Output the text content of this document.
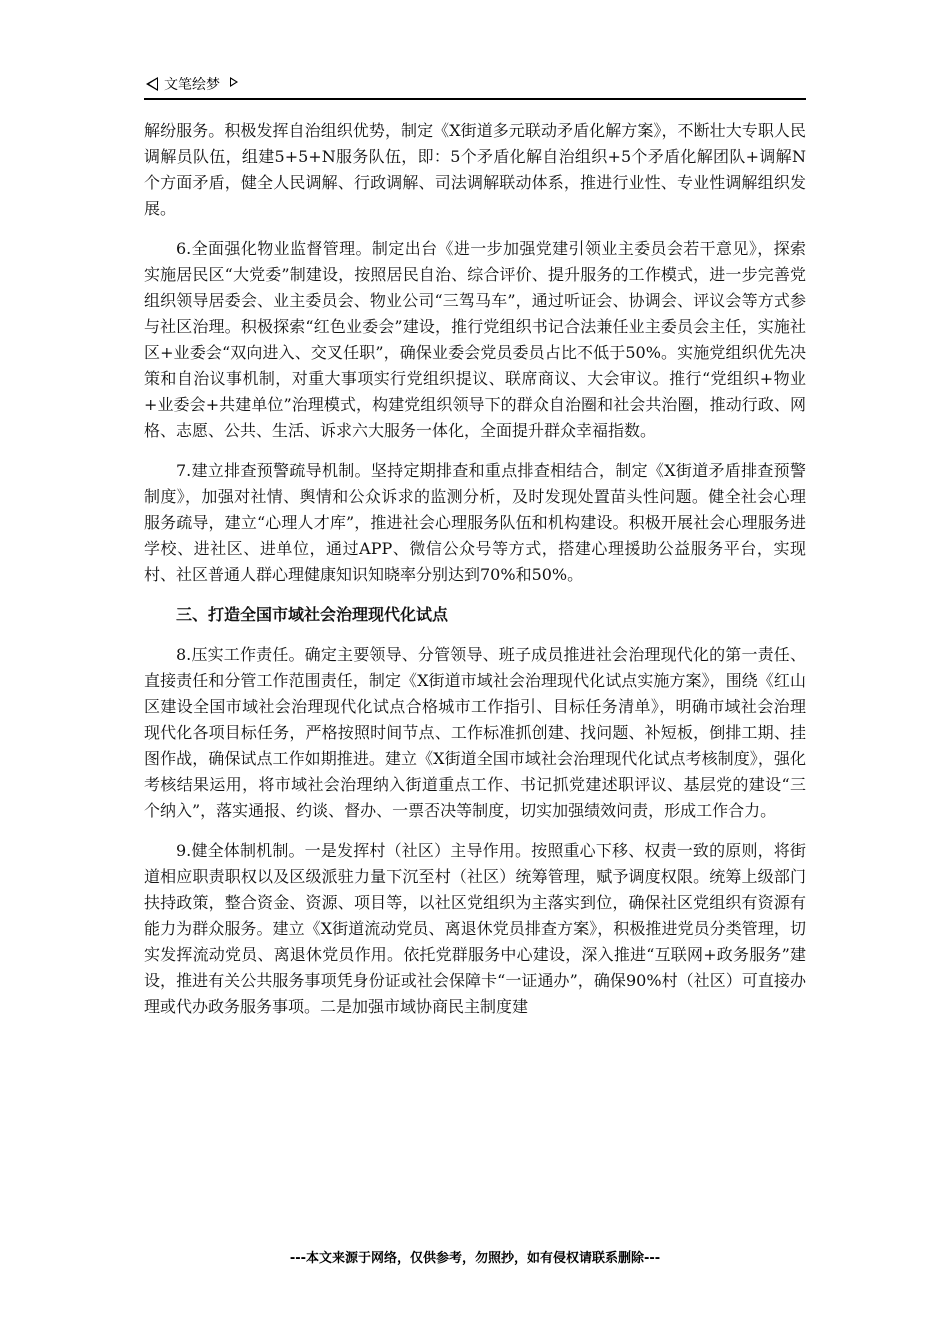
文笔绘梦

解纷服务。积极发挥自治组织优势，制定《X街道多元联动矛盾化解方案》，不断壮大专职人民调解员队伍，组建5+5+N服务队伍，即：5个矛盾化解自治组织+5个矛盾化解团队+调解N个方面矛盾，健全人民调解、行政调解、司法调解联动体系，推进行业性、专业性调解组织发展。

6.全面强化物业监督管理。制定出台《进一步加强党建引领业主委员会若干意见》，探索实施居民区“大党委”制建设，按照居民自治、综合评价、提升服务的工作模式，进一步完善党组织领导居委会、业主委员会、物业公司“三驾马车”，通过听证会、协调会、评议会等方式参与社区治理。积极探索“红色业委会”建设，推行党组织书记合法兼任业主委员会主任，实施社区+业委会“双向进入、交叉任职”，确保业委会党员委员占比不低于50%。实施党组织优先决策和自治议事机制，对重大事项实行党组织提议、联席商议、大会审议。推行“党组织+物业+业委会+共建单位”治理模式，构建党组织领导下的群众自治圈和社会共治圈，推动行政、网格、志愿、公共、生活、诉求六大服务一体化，全面提升群众幸福指数。

7.建立排查预警疏导机制。坚持定期排查和重点排查相结合，制定《X街道矛盾排查预警制度》，加强对社情、舆情和公众诉求的监测分析，及时发现处置苗头性问题。健全社会心理服务疏导，建立“心理人才库”，推进社会心理服务队伍和机构建设。积极开展社会心理服务进学校、进社区、进单位，通过APP、微信公众号等方式，搭建心理援助公益服务平台，实现村、社区普通人群心理健康知识知晓率分别达到70%和50%。

三、打造全国市域社会治理现代化试点

8.压实工作责任。确定主要领导、分管领导、班子成员推进社会治理现代化的第一责任、直接责任和分管工作范围责任，制定《X街道市域社会治理现代化试点实施方案》，围绕《红山区建设全国市域社会治理现代化试点合格城市工作指引、目标任务清单》，明确市域社会治理现代化各项目标任务，严格按照时间节点、工作标准抓创建、找问题、补短板，倒排工期、挂图作战，确保试点工作如期推进。建立《X街道全国市域社会治理现代化试点考核制度》，强化考核结果运用，将市域社会治理纳入街道重点工作、书记抓党建述职评议、基层党的建设“三个纳入”，落实通报、约谈、督办、一票否决等制度，切实加强绩效问责，形成工作合力。

9.健全体制机制。一是发挥村（社区）主导作用。按照重心下移、权责一致的原则，将街道相应职责职权以及区级派驻力量下沉至村（社区）统筹管理，赋予调度权限。统筹上级部门扶持政策，整合资金、资源、项目等，以社区党组织为主落实到位，确保社区党组织有资源有能力为群众服务。建立《X街道流动党员、离退休党员排查方案》，积极推进党员分类管理，切实发挥流动党员、离退休党员作用。依托党群服务中心建设，深入推进“互联网+政务服务”建设，推进有关公共服务事项凭身份证或社会保障卡“一证通办”，确保90%村（社区）可直接办理或代办政务服务事项。二是加强市域协商民主制度建

---本文来源于网络，仅供参考，勿照抄，如有侵权请联系删除---
